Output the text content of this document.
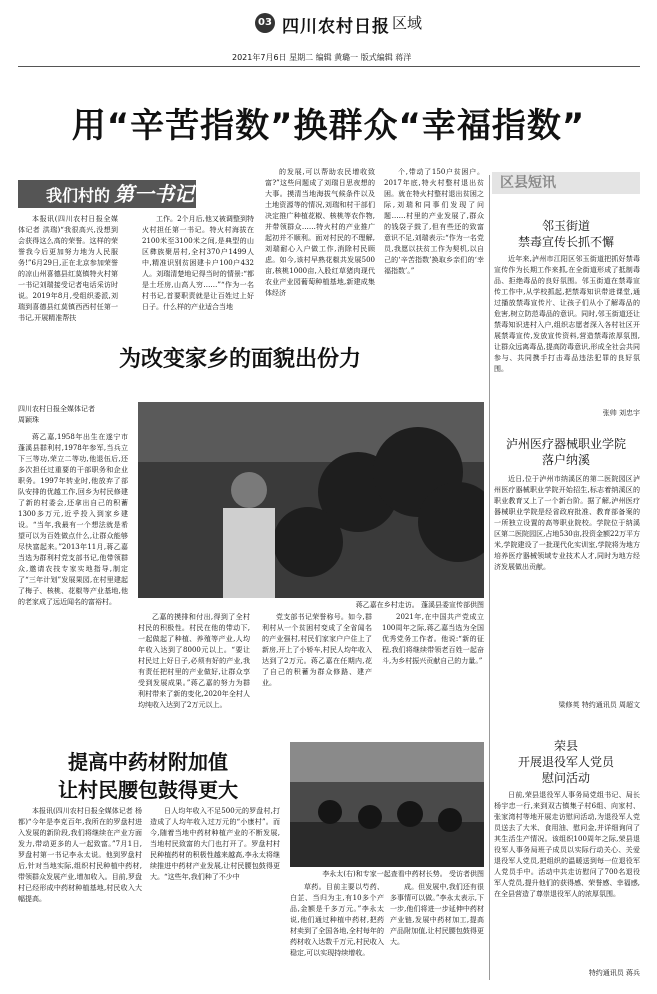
03 四川农村日报 区域
2021年7月6日 星期二 编辑 黄璐一 版式编辑 蒋洋
用“辛苦指数”换群众“幸福指数”
我们村的 第一书记

本报讯(四川农村日报全媒体记者 洪瑞)“我很高兴,没想到会获得这么高的荣誉。这样的荣誉我今后更加努力地为人民服务!”6月29日,正在北京参加荣誉的凉山州喜德县红莫镇特火村第一书记刘瑞接受记者电话采访时说。2019年8月,受组织委派,刘瑞到喜德县红莫镇西西村任第一书记,开展精准帮扶

工作。2个月后,他又被调整到特火村担任第一书记。特火村海拔在2100米至3100米之间,是典型的山区彝族聚居村,全村370户1499人中,精准识别贫困建卡户100户432人。刘瑞清楚地记得当时的情景:“都是土坯房,山高人穷……”“作为一名村书记,首要职责就是让百姓过上好日子。什么样的产业适合当地

的发展,可以帮助农民增收致富?”这些问题成了刘瑞日思夜想的大事。摸清当地海拔气候条件以及土地资源等的情况,刘瑞和村干部们决定推广种植花椒、核桃等农作物,并带领群众……特火村的产业推广起初并不顺利。面对村民的不理解,刘瑞耐心入户做工作,消除村民顾虑。如今,该村早熟花椒共发展500亩,核桃1000亩,入股红草猪肉现代农业产业园葡萄种植基地,新建成集体经济

个,带动了150户贫困户。2017年底,特火村整村退出贫困。就在特火村整村退出贫困之际,刘瑞和同事们发现了问题……村里的产业发展了,群众的钱袋子鼓了,但有些还的致富意识不足,刘瑞表示:“作为一名党员,我愿以扶贫工作为契机,以自己的‘辛苦指数’换取乡亲们的‘幸福指数’。”

区县短讯
邻玉街道
禁毒宣传长抓不懈

近年来,泸州市江阳区邻玉街道把抓好禁毒宣传作为长期工作来抓,在全街道形成了抵制毒品、拒绝毒品的良好氛围。邻玉街道在禁毒宣传工作中,从学校抓起,把禁毒知识带进课堂,通过播放禁毒宣传片、让孩子们从小了解毒品的危害,树立防范毒品的意识。同时,邻玉街道还让禁毒知识进村入户,组织志愿者深入各村社区开展禁毒宣传,发放宣传资料,营造禁毒浓厚氛围,让群众远离毒品,提高防毒意识,形成全社会共同参与、共同携手打击毒品违法犯罪的良好氛围。

张帅 刘忠宇
泸州医疗器械职业学院
落户纳溪

近日,位于泸州市纳溪区的第二医院园区泸州医疗器械职业学院开始招生,标志着纳溪区的职业教育又上了一个新台阶。据了解,泸州医疗器械职业学院是经省政府批准、教育部备案的一所独立设置的高等职业院校。学院位于纳溪区第二医院园区,占地530亩,投资金额22万平方米,学院建设了一批现代化实训室,学院将为地方培养医疗器械领域专业技术人才,同时为地方经济发展做出贡献。

梁修英 特约通讯员 周超文
荣县
开展退役军人党员
慰问活动

日前,荣县退役军人事务局党组书记、局长杨宇忠一行,来到双古镇集子村6组、向家村、张家湾村等地开展走访慰问活动,为退役军人党员送去了大米、食用油、慰问金,并详细询问了其生活生产情况。该组织100周年之际,荣县退役军人事务局班子成员以实际行动关心、关爱退役军人党员,把组织的温暖送到每一位退役军人党员手中。活动中共走访慰问了700名退役军人党员,提升他们的获得感、荣誉感、幸福感,在全县营造了尊崇退役军人的浓厚氛围。

特约通讯员 蒋兵
为改变家乡的面貌出份力
四川农村日报全媒体记者
周颖珠

蒋乙嘉,1958年出生在遂宁市蓬溪县群利村,1978年参军,当兵立下三等功,荣立二等功,他退伍后,还多次担任过重要的干部职务和企业职务。1997年转业时,他放弃了部队安排的优越工作,回乡为村民修建了新的村委会,还拿出自己的积蓄1300多万元,近乎投入到家乡建设。“当年,我最有一个想法就是希望可以为百姓做点什么,让群众能够尽快富起来。”2013年11月,蒋乙嘉当选为群利村党支部书记,他带领群众,邀请农技专家实地指导,制定了“三年计划”发展果园,在村里建起了梅子、核桃、花椒等产业基地,他的老家成了远近闻名的富裕村。	蒋乙嘉在乡村走访。 蓬溪县委宣传部供图

乙嘉的摸排和付出,得到了全村村民的积极性。村民在他的带动下,一起做起了种植、养殖等产业,人均年收入达到了8000元以上。“要让村民过上好日子,必须有好的产业,我有责任把村里的产业做好,让群众享受到发展成果。”蒋乙嘉的努力为群利村带来了新的变化,2020年全村人均纯收入达到了2万元以上。

党支部书记荣誉称号。如今,群利村从一个贫困村变成了全省闻名的产业强村,村民们家家户户住上了新房,开上了小轿车,村民人均年收入达到了2万元。蒋乙嘉在任期内,花了自己的积蓄为群众修路、建产业。

2021年,在中国共产党成立100周年之际,蒋乙嘉当选为全国优秀党务工作者。他说:“新的征程,我们将继续带领老百姓一起奋斗,为乡村振兴贡献自己的力量。”

提高中药材附加值
让村民腰包鼓得更大
李永太(右)和专家一起查看中药材长势。 受访者供图

本报讯(四川农村日报全媒体记者 杨都)“今年是李克百年,我所在的罗盘村进入发展的新阶段,我们将继续在产业方面发力,带动更多的人一起致富。”7月1日,罗盘村第一书记李永太说。他到罗盘村后,针对当地实际,组织村民种植中药材,带领群众发展产业,增加收入。目前,罗盘村已经形成中药材种植基地,村民收入大幅提高。

日人均年收入不足500元的罗盘村,打造成了人均年收入过万元的“小康村”。而今,随着当地中药材种植产业的不断发展,当地村民致富的大门也打开了。罗盘村村民种植药材的积极性越来越高,李永太将继续推进中药材产业发展,让村民腰包鼓得更大。“这些年,我们种了不少中

草药。目前主要以芍药、白芷、当归为主,有10多个产品,金额是千多万元。”李永太说,他们通过种植中药材,把药材卖到了全国各地,全村每年的药材收入达数千万元,村民收入稳定,可以实现持续增收。

成。但发展中,我们还有很多事情可以做。”李永太表示,下一步,他们将进一步延伸中药材产业链,发展中药材加工,提高产品附加值,让村民腰包鼓得更大。
